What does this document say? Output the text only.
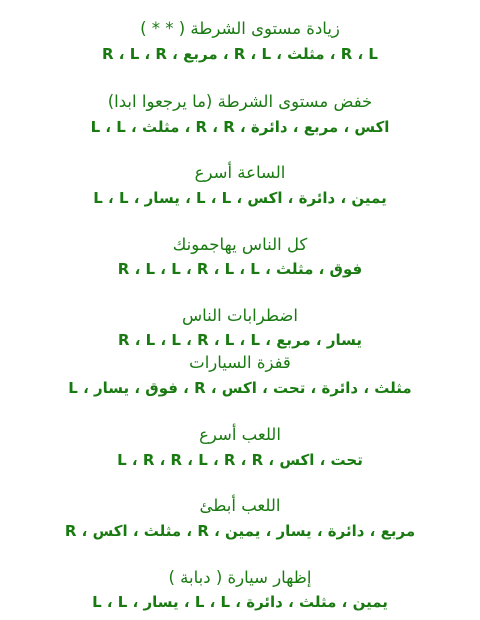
زيادة مستوى الشرطة ( * * )
R ، L ، R ، مربع ، R ، L ، مثلث ، R ، L
خفض مستوى الشرطة (ما يرجعوا ابدا)
L ، L ، مثلث ، R ، R ، اكس ، مربع ، دائرة
الساعة أسرع
L ، L ، يسار ، L ، L ، يمين ، دائرة ، اكس
كل الناس يهاجمونك
R ، L ، L ، R ، L ، L ، فوق ، مثلث
اضطرابات الناس
R ، L ، L ، R ، L ، L ، يسار ، مربع
قفزة السيارات
L ، فوق ، يسار ، R ، مثلث ، دائرة ، تحت ، اكس
اللعب أسرع
L ، R ، R ، L ، R ، R ، تحت ، اكس
اللعب أبطئ
R ، مثلث ، اكس ، R ، مربع ، دائرة ، يسار ، يمين
إظهار سيارة ( دبابة )
L ، L ، يسار ، L ، L ، يمين ، مثلث ، دائرة
